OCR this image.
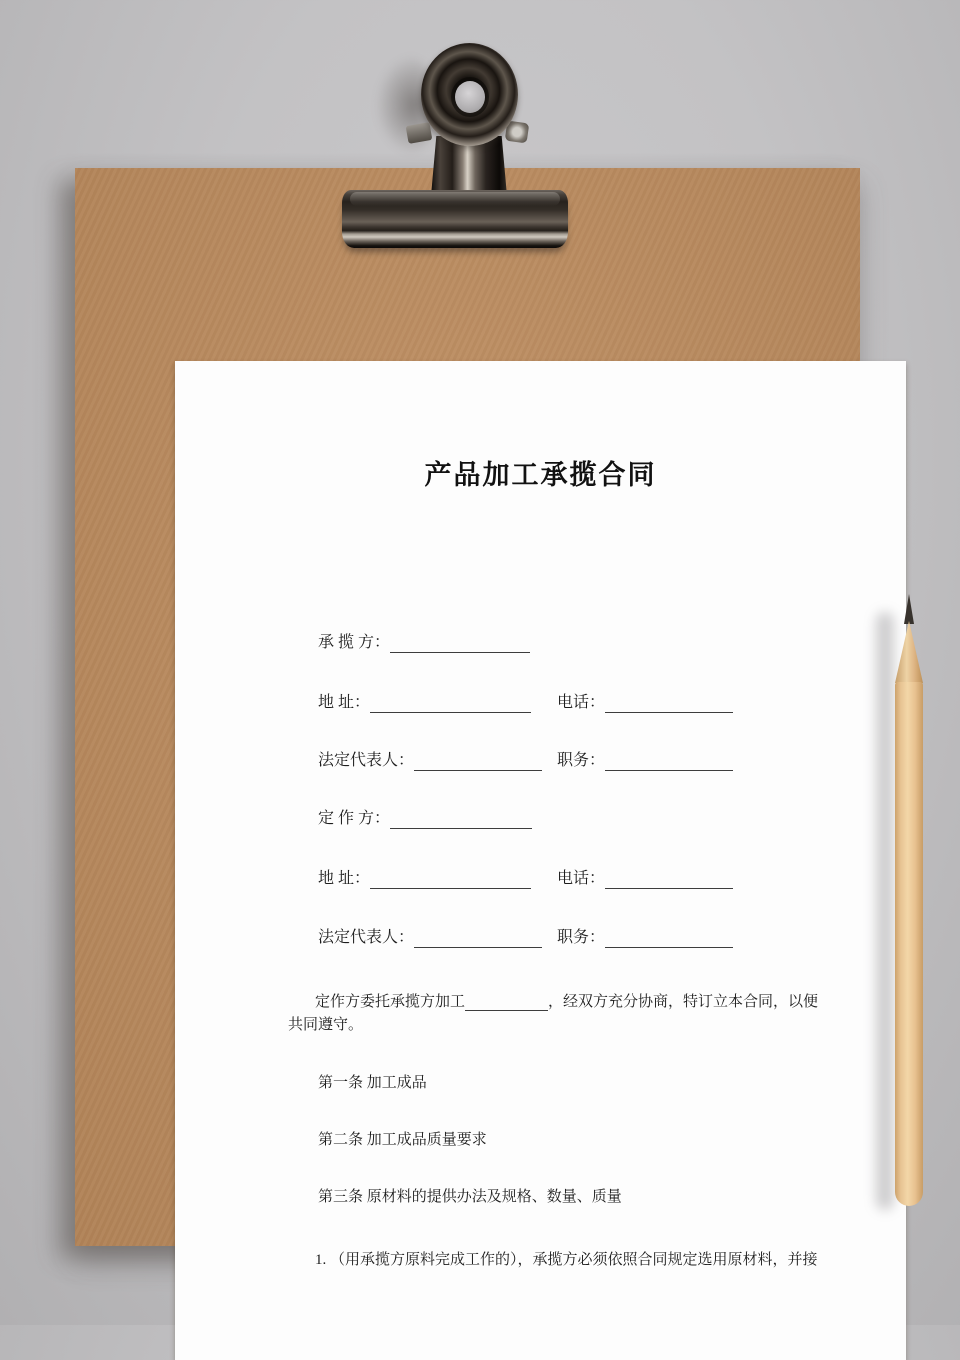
产品加工承揽合同
承 揽 方：
地 址：	电话：
法定代表人：	职务：
定 作 方：
地 址：	电话：
法定代表人：	职务：
定作方委托承揽方加工	，经双方充分协商，特订立本合同，以便
共同遵守。
第一条 加工成品
第二条 加工成品质量要求
第三条 原材料的提供办法及规格、数量、质量
1. （用承揽方原料完成工作的），承揽方必须依照合同规定选用原材料，并接
